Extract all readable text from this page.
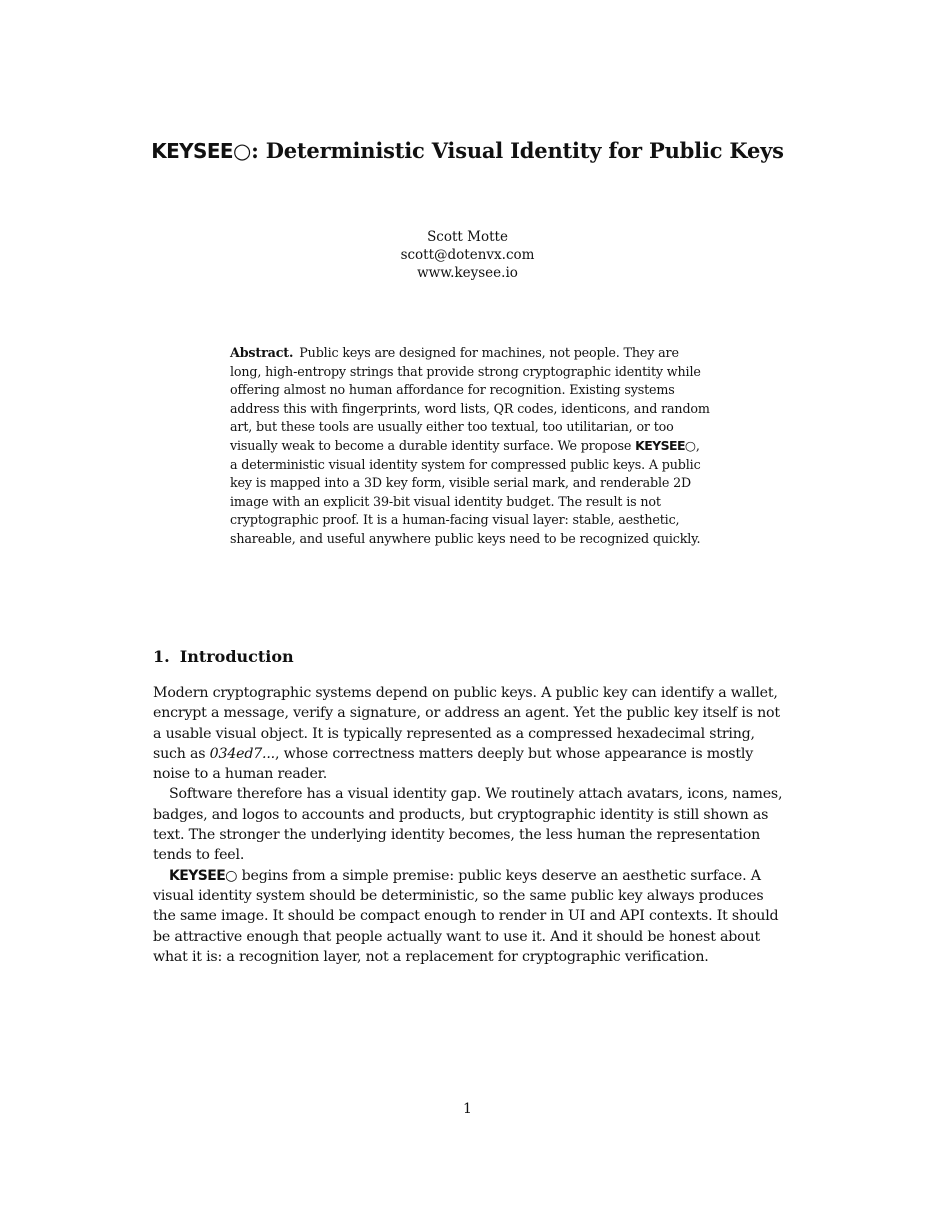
KEYSEE○: Deterministic Visual Identity for Public Keys
Scott Motte
scott@dotenvx.com
www.keysee.io
Abstract. Public keys are designed for machines, not people. They are long, high-entropy strings that provide strong cryptographic identity while offering almost no human affordance for recognition. Existing systems address this with fingerprints, word lists, QR codes, identicons, and random art, but these tools are usually either too textual, too utilitarian, or too visually weak to become a durable identity surface. We propose KEYSEE○, a deterministic visual identity system for compressed public keys. A public key is mapped into a 3D key form, visible serial mark, and renderable 2D image with an explicit 39-bit visual identity budget. The result is not cryptographic proof. It is a human-facing visual layer: stable, aesthetic, shareable, and useful anywhere public keys need to be recognized quickly.
1. Introduction

Modern cryptographic systems depend on public keys. A public key can identify a wallet, encrypt a message, verify a signature, or address an agent. Yet the public key itself is not a usable visual object. It is typically represented as a compressed hexadecimal string, such as 034ed7..., whose correctness matters deeply but whose appearance is mostly noise to a human reader.

Software therefore has a visual identity gap. We routinely attach avatars, icons, names, badges, and logos to accounts and products, but cryptographic identity is still shown as text. The stronger the underlying identity becomes, the less human the representation tends to feel.

KEYSEE○ begins from a simple premise: public keys deserve an aesthetic surface. A visual identity system should be deterministic, so the same public key always produces the same image. It should be compact enough to render in UI and API contexts. It should be attractive enough that people actually want to use it. And it should be honest about what it is: a recognition layer, not a replacement for cryptographic verification.

1
